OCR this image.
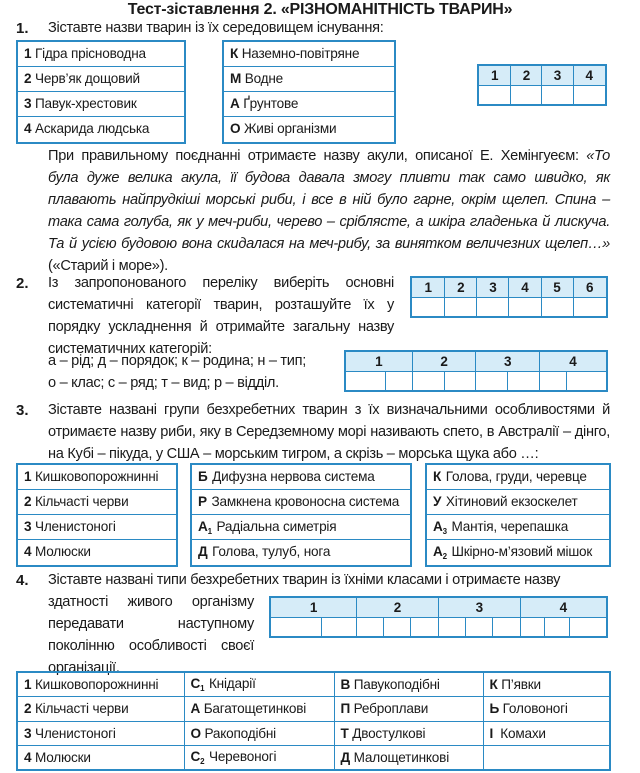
Тест-зіставлення 2. «РІЗНОМАНІТНІСТЬ ТВАРИН»
1. Зіставте назви тварин із їх середовищем існування:
1 Гідра прісноводна
2 Черв’як дощовий
3 Павук-хрестовик
4 Аскарида людська
К Наземно-повітряне
М Водне
А Ґрунтове
О Живі організми
1	2	3	4

При правильному поєднанні отримаєте назву акули, описаної Е. Хемінгуеєм: «То була дуже велика акула, її будова давала змогу пливти так само швидко, як плавають найпрудкіші морські риби, і все в ній було гарне, окрім щелеп. Спина – така сама голуба, як у меч-риби, черево – сріблясте, а шкіра гладенька й лискуча. Та й усією будовою вона скидалася на меч-рибу, за винятком величезних щелеп…» («Старий і море»).
2. Із запропонованого переліку виберіть основні систематичні категорії тварин, розташуйте їх у порядку ускладнення й отримайте загальну назву систематичних категорій:
а – рід; д – порядок; к – родина; н – тип;
о – клас; с – ряд; т – вид; р – відділ.
1	2	3	4	5	6

1		2		3		4	

3. Зіставте названі групи безхребетних тварин з їх визначальними особливостями й отримаєте назву риби, яку в Середземному морі називають спето, в Австралії – дінго, на Кубі – пікуда, у США – морським тигром, а скрізь – морська щука або …:
1 Кишковопорожнинні
2 Кільчасті черви
3 Членистоногі
4 Молюски
Б Дифузна нервова система
Р Замкнена кровоносна система
$А_1$ Радіальна симетрія
Д Голова, тулуб, нога
К Голова, груди, черевце
У Хітиновий екзоскелет
$А_3$ Мантія, черепашка
$А_2$ Шкірно-м’язовий мішок
4. Зіставте названі типи безхребетних тварин із їхніми класами і отримаєте назву
здатності живого організму передавати наступному поколінню особливості своєї організації.
1		2			3			4		

1 Кишковопорожнинні	$С_1$ Кнідарії	В Павукоподібні	К П’явки
2 Кільчасті черви	А Багатощетинкові	П Реброплави	Ь Головоногі
3 Членистоногі	О Ракоподібні	Т Двостулкові	І Комахи
4 Молюски	$С_2$ Черевоногі	Д Малощетинкові	
